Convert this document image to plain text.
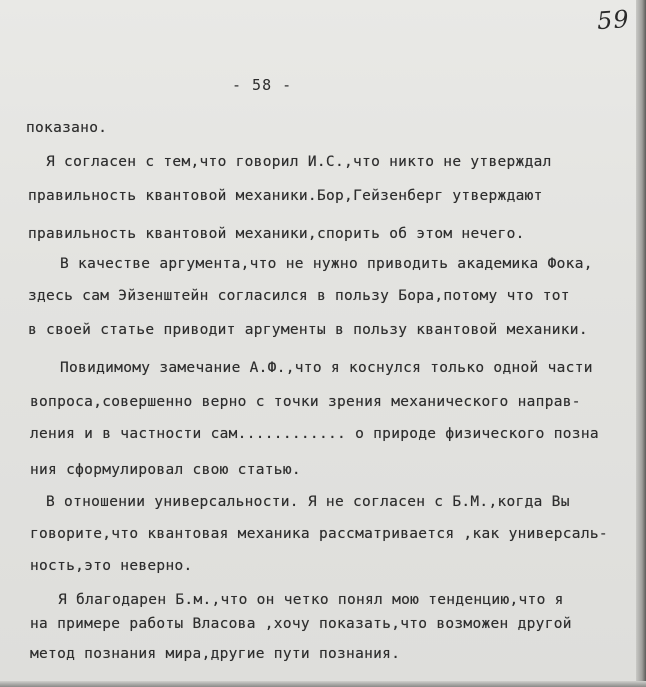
59
- 58 -
показано.
Я согласен с тем,что говорил И.С.,что никто не утверждал
правильность квантовой механики.Бор,Гейзенберг утверждают
правильность квантовой механики,спорить об этом нечего.
В качестве аргумента,что не нужно приводить академика Фока,
здесь сам Эйзенштейн согласился в пользу Бора,потому что тот
в своей статье приводит аргументы в пользу квантовой механики.
Повидимому замечание А.Ф.,что я коснулся только одной части
вопроса,совершенно верно с точки зрения механического направ-
ления и в частности сам............ о природе физического позна
ния сформулировал свою статью.
В отношении универсальности. Я не согласен с Б.М.,когда Вы
говорите,что квантовая механика рассматривается ,как универсаль-
ность,это неверно.
Я благодарен Б.м.,что он четко понял мою тенденцию,что я
на примере работы Власова ,хочу показать,что возможен другой
метод познания мира,другие пути познания.
